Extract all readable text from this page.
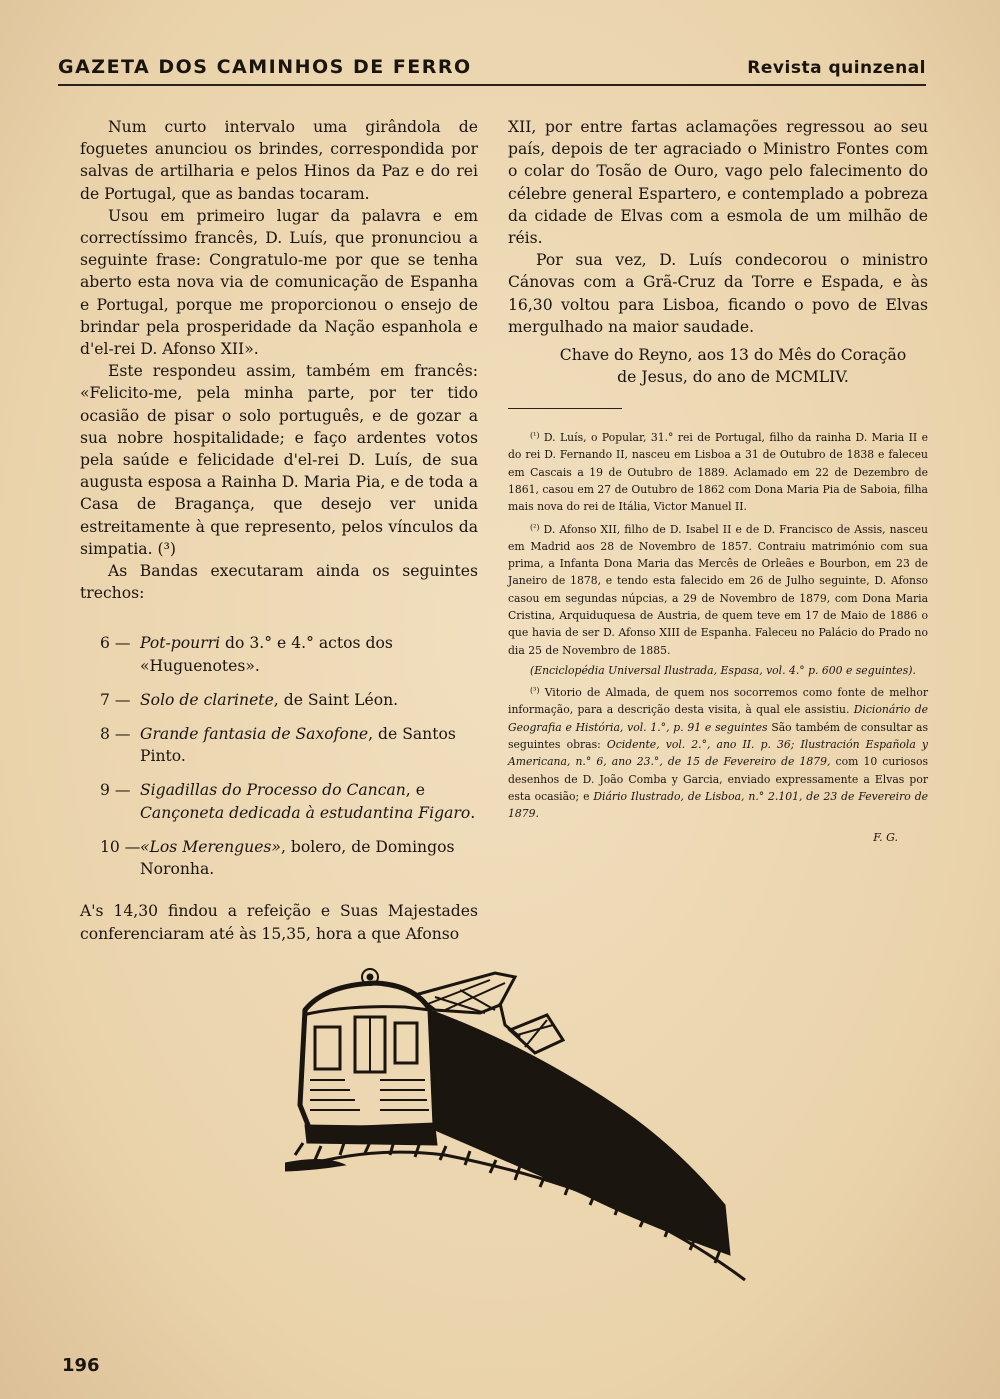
GAZETA DOS CAMINHOS DE FERRO	Revista quinzenal

Num curto intervalo uma girândola de foguetes anunciou os brindes, correspondida por salvas de artilharia e pelos Hinos da Paz e do rei de Portugal, que as bandas tocaram.

Usou em primeiro lugar da palavra e em correctíssimo francês, D. Luís, que pronunciou a seguinte frase: Congratulo-me por que se tenha aberto esta nova via de comunicação de Espanha e Portugal, porque me proporcionou o ensejo de brindar pela prosperidade da Nação espanhola e d'el-rei D. Afonso XII».

Este respondeu assim, também em francês: «Felicito-me, pela minha parte, por ter tido ocasião de pisar o solo português, e de gozar a sua nobre hospitalidade; e faço ardentes votos pela saúde e felicidade d'el-rei D. Luís, de sua augusta esposa a Rainha D. Maria Pia, e de toda a Casa de Bragança, que desejo ver unida estreitamente à que represento, pelos vínculos da simpatia. (³)

As Bandas executaram ainda os seguintes trechos:

6 — Pot-pourri do 3.° e 4.° actos dos «Huguenotes».
7 — Solo de clarinete, de Saint Léon.
8 — Grande fantasia de Saxofone, de Santos Pinto.
9 — Sigadillas do Processo do Cancan, e Cançoneta dedicada à estudantina Figaro.
10 — «Los Merengues», bolero, de Domingos Noronha.

A's 14,30 findou a refeição e Suas Majestades conferenciaram até às 15,35, hora a que Afonso

XII, por entre fartas aclamações regressou ao seu país, depois de ter agraciado o Ministro Fontes com o colar do Tosão de Ouro, vago pelo falecimento do célebre general Espartero, e contemplado a pobreza da cidade de Elvas com a esmola de um milhão de réis.

Por sua vez, D. Luís condecorou o ministro Cánovas com a Grã-Cruz da Torre e Espada, e às 16,30 voltou para Lisboa, ficando o povo de Elvas mergulhado na maior saudade.

Chave do Reyno, aos 13 do Mês do Coração
de Jesus, do ano de MCMLIV.

$^{(^1)}$ D. Luís, o Popular, 31.° rei de Portugal, filho da rainha D. Maria II e do rei D. Fernando II, nasceu em Lisboa a 31 de Outubro de 1838 e faleceu em Cascais a 19 de Outubro de 1889. Aclamado em 22 de Dezembro de 1861, casou em 27 de Outubro de 1862 com Dona Maria Pia de Saboia, filha mais nova do rei de Itália, Victor Manuel II.

$^{(^2)}$ D. Afonso XII, filho de D. Isabel II e de D. Francisco de Assis, nasceu em Madrid aos 28 de Novembro de 1857. Contraiu matrimónio com sua prima, a Infanta Dona Maria das Mercês de Orleães e Bourbon, em 23 de Janeiro de 1878, e tendo esta falecido em 26 de Julho seguinte, D. Afonso casou em segundas núpcias, a 29 de Novembro de 1879, com Dona Maria Cristina, Arquiduquesa de Austria, de quem teve em 17 de Maio de 1886 o que havia de ser D. Afonso XIII de Espanha. Faleceu no Palácio do Prado no dia 25 de Novembro de 1885.

(Enciclopédia Universal Ilustrada, Espasa, vol. 4.° p. 600 e seguintes).

$^{(^3)}$ Vitorio de Almada, de quem nos socorremos como fonte de melhor informação, para a descrição desta visita, à qual ele assistiu. Dicionário de Geografia e História, vol. 1.°, p. 91 e seguintes São também de consultar as seguintes obras: Ocidente, vol. 2.°, ano II. p. 36; Ilustración Española y Americana, n.° 6, ano 23.°, de 15 de Fevereiro de 1879, com 10 curiosos desenhos de D. João Comba y Garcia, enviado expressamente a Elvas por esta ocasião; e Diário Ilustrado, de Lisboa, n.° 2.101, de 23 de Fevereiro de 1879.

F. G.
196
